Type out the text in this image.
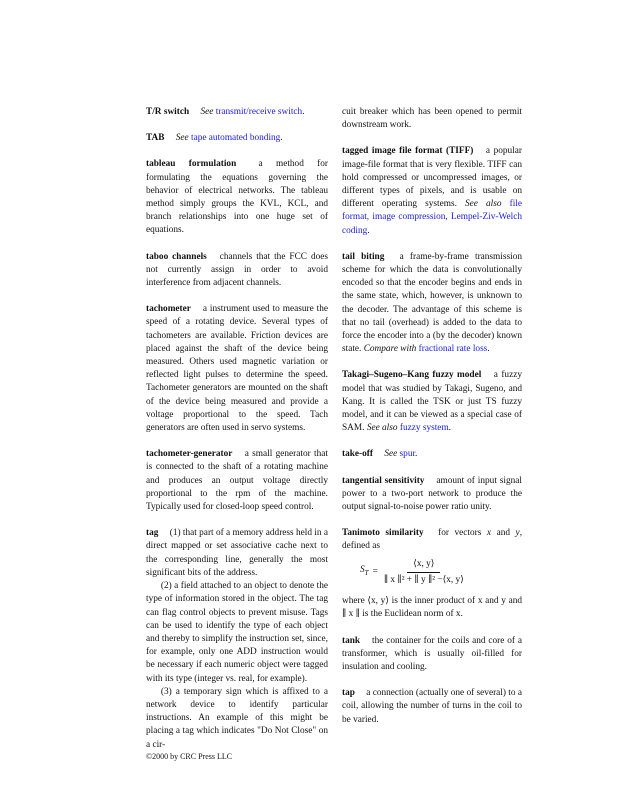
T/R switch See transmit/receive switch.

TAB See tape automated bonding.

tableau formulation a method for formulating the equations governing the behavior of electrical networks. The tableau method simply groups the KVL, KCL, and branch relationships into one huge set of equations.

taboo channels channels that the FCC does not currently assign in order to avoid interference from adjacent channels.

tachometer a instrument used to measure the speed of a rotating device. Several types of tachometers are available. Friction devices are placed against the shaft of the device being measured. Others used magnetic variation or reflected light pulses to determine the speed. Tachometer generators are mounted on the shaft of the device being measured and provide a voltage proportional to the speed. Tach generators are often used in servo systems.

tachometer-generator a small generator that is connected to the shaft of a rotating machine and produces an output voltage directly proportional to the rpm of the machine. Typically used for closed-loop speed control.

tag (1) that part of a memory address held in a direct mapped or set associative cache next to the corresponding line, generally the most significant bits of the address.
(2) a field attached to an object to denote the type of information stored in the object. The tag can flag control objects to prevent misuse. Tags can be used to identify the type of each object and thereby to simplify the instruction set, since, for example, only one ADD instruction would be necessary if each numeric object were tagged with its type (integer vs. real, for example).
(3) a temporary sign which is affixed to a network device to identify particular instructions. An example of this might be placing a tag which indicates "Do Not Close" on a cir-

cuit breaker which has been opened to permit downstream work.

tagged image file format (TIFF) a popular image-file format that is very flexible. TIFF can hold compressed or uncompressed images, or different types of pixels, and is usable on different operating systems. See also file format, image compression, Lempel-Ziv-Welch coding.

tail biting a frame-by-frame transmission scheme for which the data is convolutionally encoded so that the encoder begins and ends in the same state, which, however, is unknown to the decoder. The advantage of this scheme is that no tail (overhead) is added to the data to force the encoder into a (by the decoder) known state. Compare with fractional rate loss.

Takagi–Sugeno–Kang fuzzy model a fuzzy model that was studied by Takagi, Sugeno, and Kang. It is called the TSK or just TS fuzzy model, and it can be viewed as a special case of SAM. See also fuzzy system.

take-off See spur.

tangential sensitivity amount of input signal power to a two-port network to produce the output signal-to-noise power ratio unity.

Tanimoto similarity for vectors x and y, defined as
$S_T = \frac{⟨x, y⟩}{\text{∥ x ∥² + ∥ y ∥² −⟨x, y⟩}}$
where ⟨x, y⟩ is the inner product of x and y and ∥ x ∥ is the Euclidean norm of x.

tank the container for the coils and core of a transformer, which is usually oil-filled for insulation and cooling.

tap a connection (actually one of several) to a coil, allowing the number of turns in the coil to be varied.

©2000 by CRC Press LLC
